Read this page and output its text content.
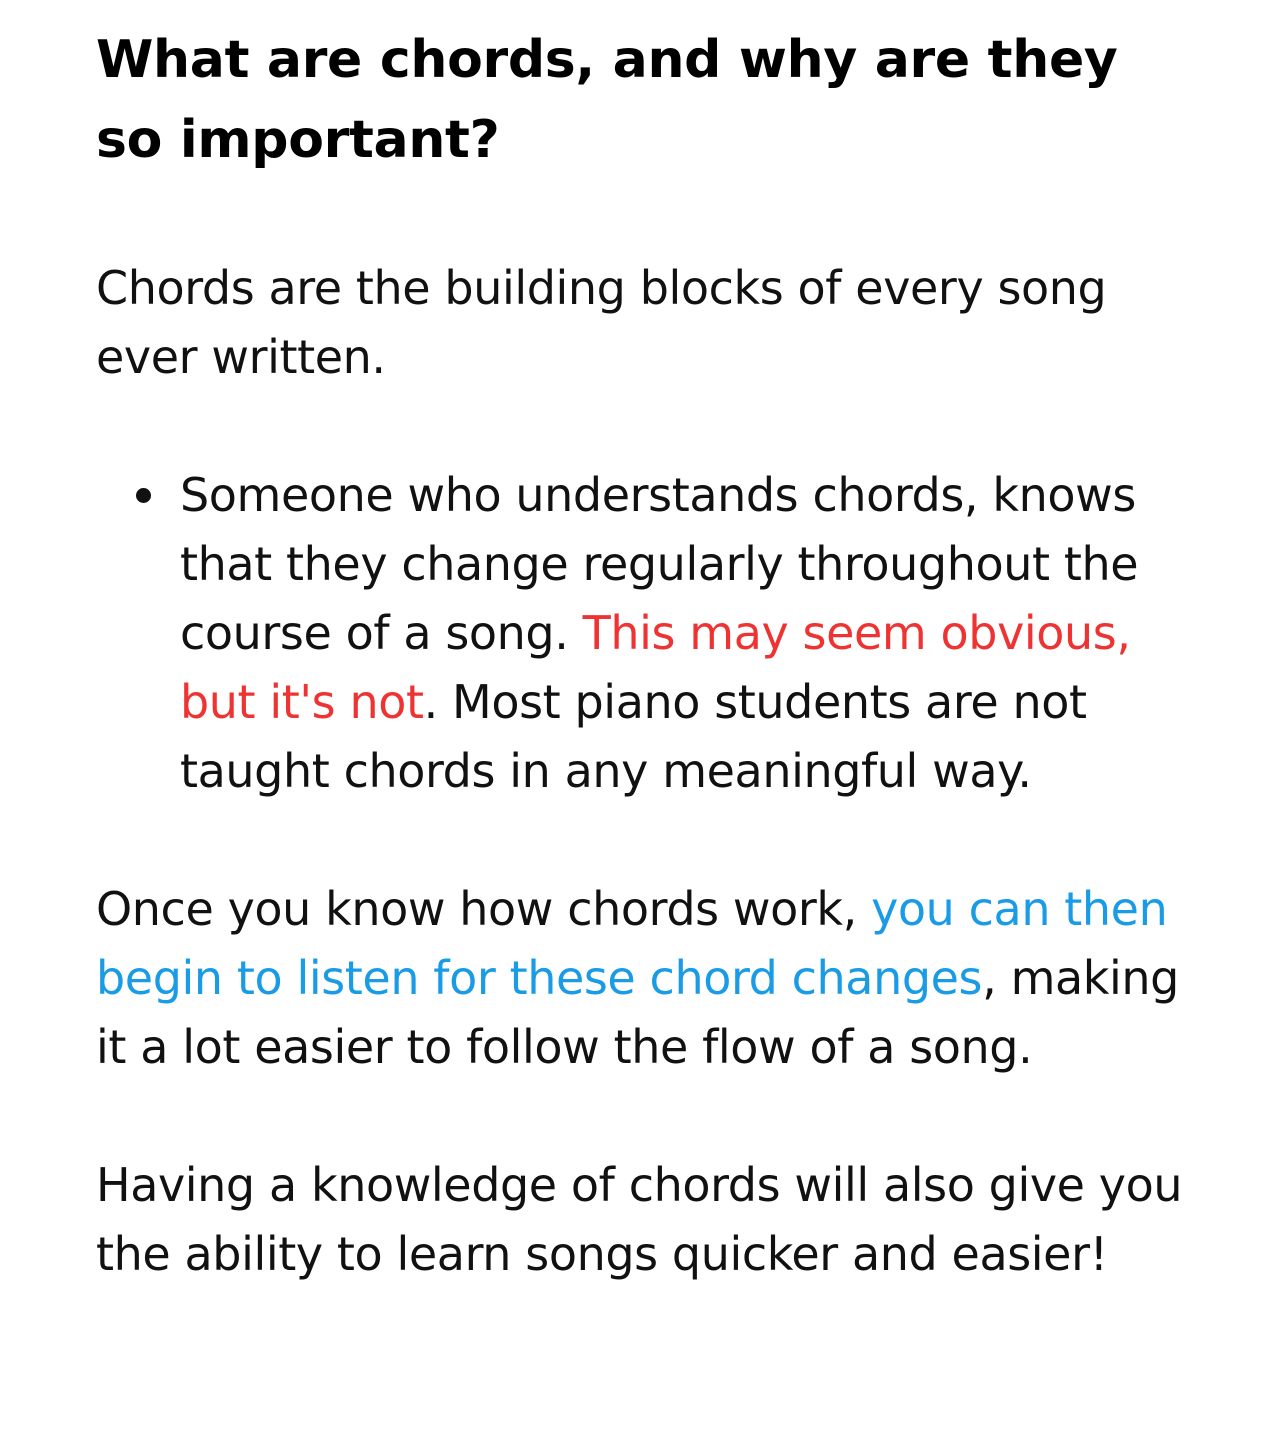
What are chords, and why are they so important?

Chords are the building blocks of every song ever written.

Someone who understands chords, knows that they change regularly throughout the course of a song. This may seem obvious, but it's not. Most piano students are not taught chords in any meaningful way.

Once you know how chords work, you can then begin to listen for these chord changes, making it a lot easier to follow the flow of a song.

Having a knowledge of chords will also give you the ability to learn songs quicker and easier!
